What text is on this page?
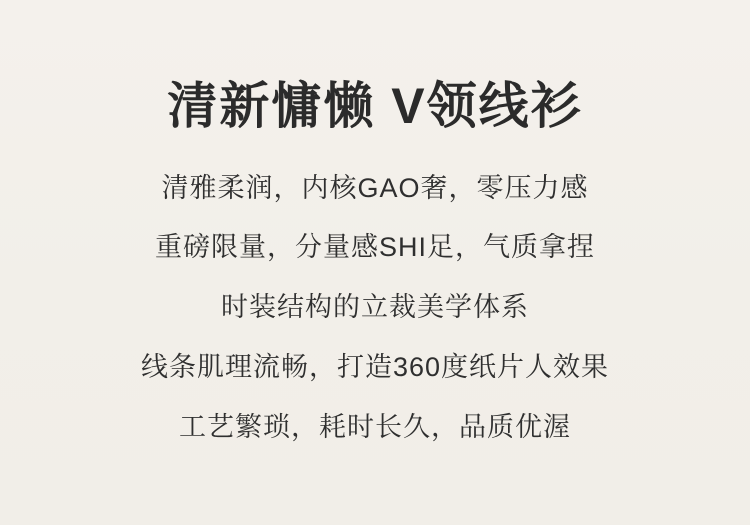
清新慵懒 V领线衫
清雅柔润，内核GAO奢，零压力感
重磅限量，分量感SHI足，气质拿捏
时装结构的立裁美学体系
线条肌理流畅，打造360度纸片人效果
工艺繁琐，耗时长久，品质优渥
